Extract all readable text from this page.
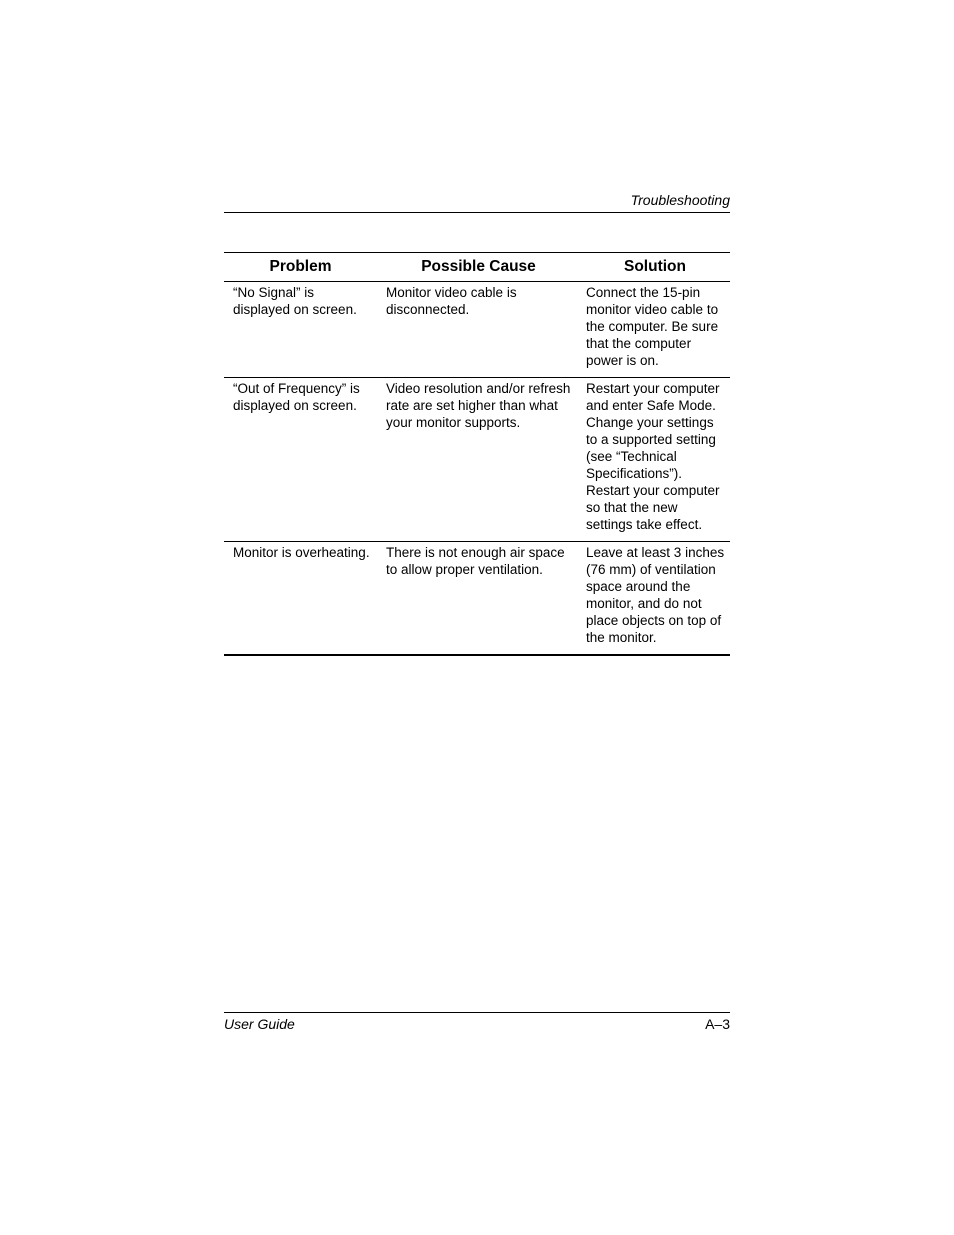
Troubleshooting
Problem	Possible Cause	Solution
“No Signal” is displayed on screen.	Monitor video cable is disconnected.	Connect the 15-pin monitor video cable to the computer. Be sure that the computer power is on.
“Out of Frequency” is displayed on screen.	Video resolution and/or refresh rate are set higher than what your monitor supports.	Restart your computer and enter Safe Mode. Change your settings to a supported setting (see “Technical Specifications”). Restart your computer so that the new settings take effect.
Monitor is overheating.	There is not enough air space to allow proper ventilation.	Leave at least 3 inches (76 mm) of ventilation space around the monitor, and do not place objects on top of the monitor.
User Guide	A–3
